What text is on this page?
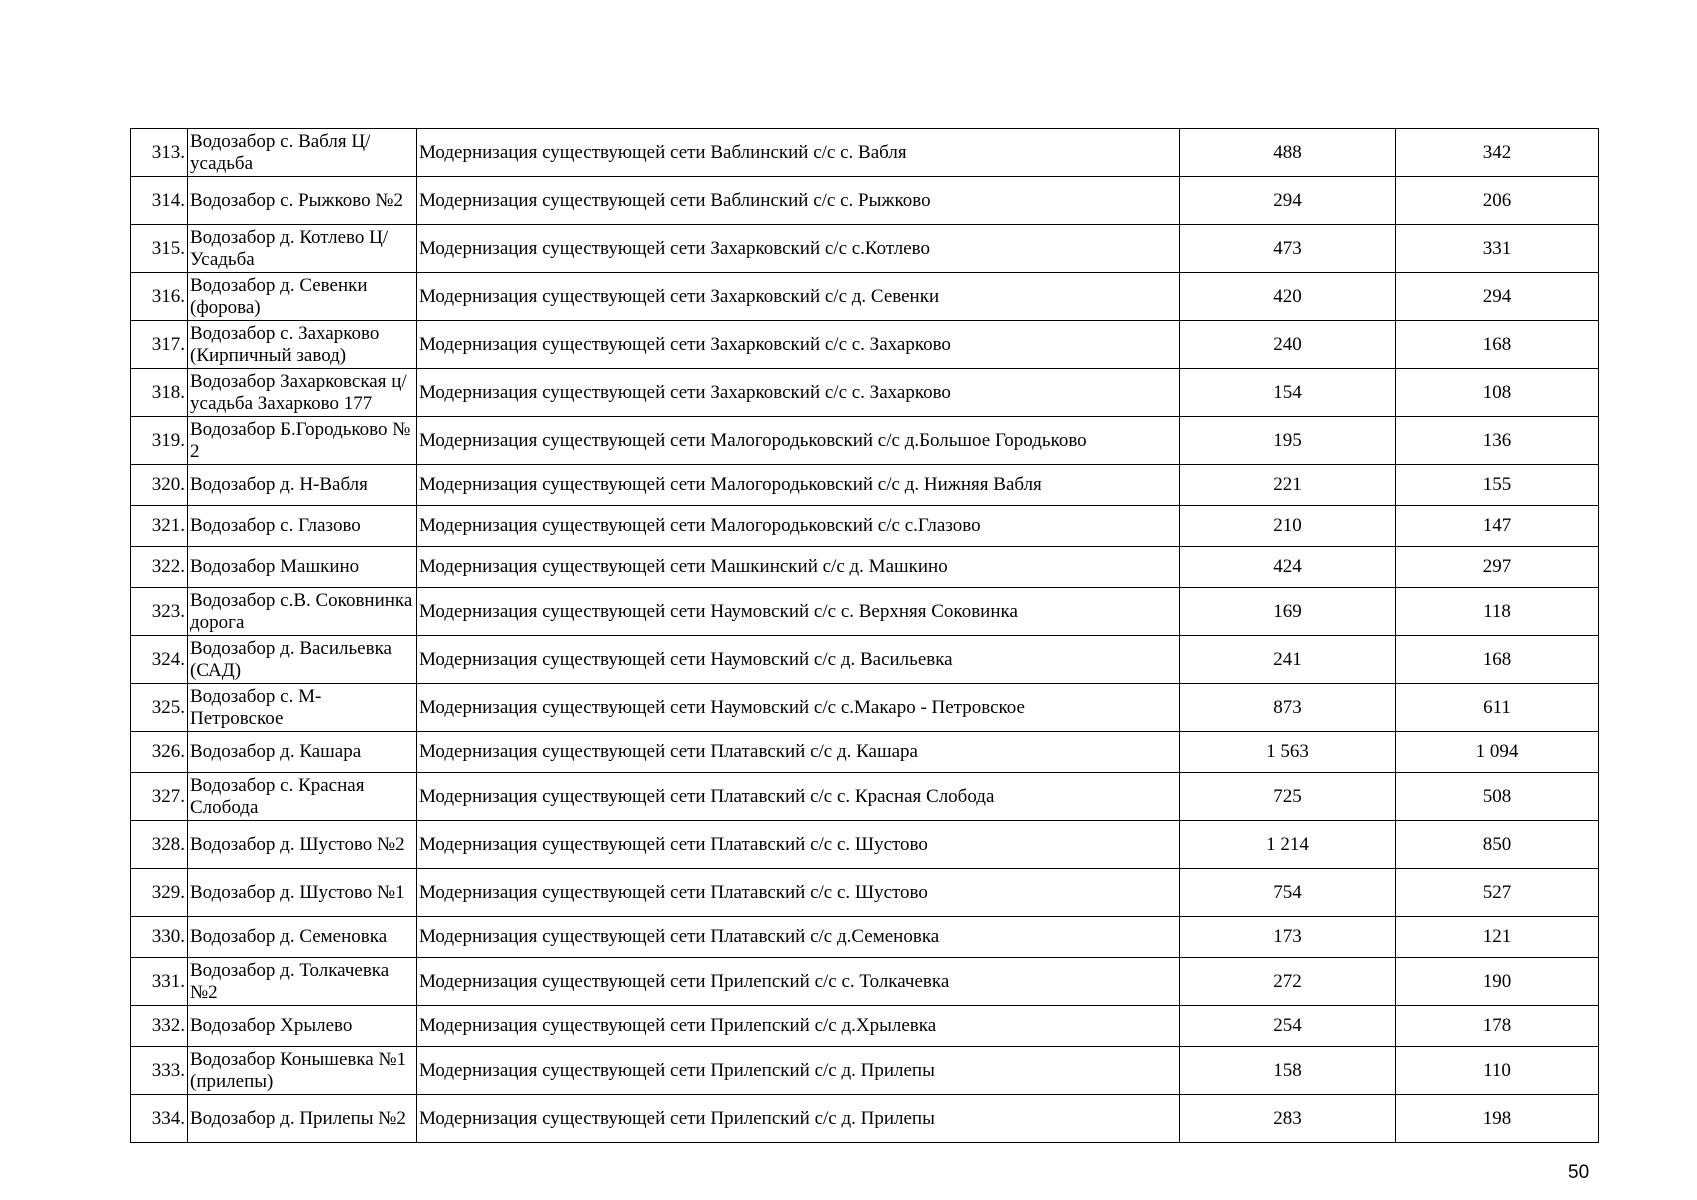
313.	Водозабор с. Вабля Ц/усадьба	Модернизация существующей сети Ваблинский с/с с. Вабля	488	342
314.	Водозабор с. Рыжково №2	Модернизация существующей сети Ваблинский с/с с. Рыжково	294	206
315.	Водозабор д. Котлево Ц/Усадьба	Модернизация существующей сети Захарковский с/с с.Котлево	473	331
316.	Водозабор д. Севенки (форова)	Модернизация существующей сети Захарковский с/с д. Севенки	420	294
317.	Водозабор с. Захарково (Кирпичный завод)	Модернизация существующей сети Захарковский с/с с. Захарково	240	168
318.	Водозабор Захарковская ц/усадьба Захарково 177	Модернизация существующей сети Захарковский с/с с. Захарково	154	108
319.	Водозабор Б.Городьково № 2	Модернизация существующей сети Малогородьковский с/с д.Большое Городьково	195	136
320.	Водозабор д. Н-Вабля	Модернизация существующей сети Малогородьковский с/с д. Нижняя Вабля	221	155
321.	Водозабор с. Глазово	Модернизация существующей сети Малогородьковский с/с с.Глазово	210	147
322.	Водозабор Машкино	Модернизация существующей сети Машкинский с/с д. Машкино	424	297
323.	Водозабор с.В. Соковнинка дорога	Модернизация существующей сети Наумовский с/с с. Верхняя Соковинка	169	118
324.	Водозабор д. Васильевка (САД)	Модернизация существующей сети Наумовский с/с д. Васильевка	241	168
325.	Водозабор с. М-Петровское	Модернизация существующей сети Наумовский с/с с.Макаро - Петровское	873	611
326.	Водозабор д. Кашара	Модернизация существующей сети Платавский с/с д. Кашара	1 563	1 094
327.	Водозабор с. Красная Слобода	Модернизация существующей сети Платавский с/с с. Красная Слобода	725	508
328.	Водозабор д. Шустово №2	Модернизация существующей сети Платавский с/с с. Шустово	1 214	850
329.	Водозабор д. Шустово №1	Модернизация существующей сети Платавский с/с с. Шустово	754	527
330.	Водозабор д. Семеновка	Модернизация существующей сети Платавский с/с д.Семеновка	173	121
331.	Водозабор д. Толкачевка №2	Модернизация существующей сети Прилепский с/с с. Толкачевка	272	190
332.	Водозабор Хрылево	Модернизация существующей сети Прилепский с/с д.Хрылевка	254	178
333.	Водозабор Конышевка №1 (прилепы)	Модернизация существующей сети Прилепский с/с д. Прилепы	158	110
334.	Водозабор д. Прилепы №2	Модернизация существующей сети Прилепский с/с д. Прилепы	283	198
50
